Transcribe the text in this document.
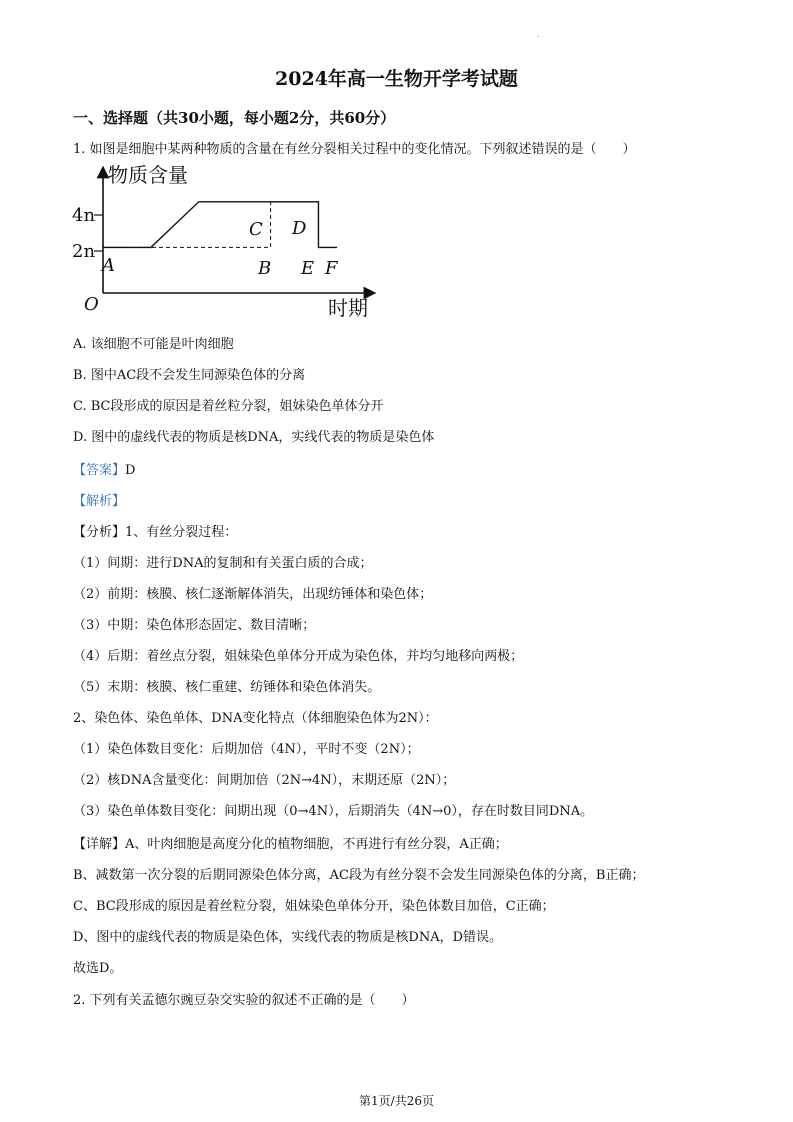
.
2024年高一生物开学考试题
一、选择题（共30小题，每小题2分，共60分）
1. 如图是细胞中某两种物质的含量在有丝分裂相关过程中的变化情况。下列叙述错误的是（　　）
物质含量
时期
O
4n
2n
A	B
C D
E F
A. 该细胞不可能是叶肉细胞
B. 图中AC段不会发生同源染色体的分离
C. BC段形成的原因是着丝粒分裂，姐妹染色单体分开
D. 图中的虚线代表的物质是核DNA，实线代表的物质是染色体
【答案】D
【解析】
【分析】1、有丝分裂过程：
（1）间期：进行DNA的复制和有关蛋白质的合成；
（2）前期：核膜、核仁逐渐解体消失，出现纺锤体和染色体；
（3）中期：染色体形态固定、数目清晰；
（4）后期：着丝点分裂，姐妹染色单体分开成为染色体，并均匀地移向两极；
（5）末期：核膜、核仁重建、纺锤体和染色体消失。
2、染色体、染色单体、DNA变化特点（体细胞染色体为2N）：
（1）染色体数目变化：后期加倍（4N），平时不变（2N）；
（2）核DNA含量变化：间期加倍（2N→4N），末期还原（2N）；
（3）染色单体数目变化：间期出现（0→4N），后期消失（4N→0），存在时数目同DNA。
【详解】A、叶肉细胞是高度分化的植物细胞，不再进行有丝分裂，A正确；
B、减数第一次分裂的后期同源染色体分离，AC段为有丝分裂不会发生同源染色体的分离，B正确；
C、BC段形成的原因是着丝粒分裂，姐妹染色单体分开，染色体数目加倍，C正确；
D、图中的虚线代表的物质是染色体，实线代表的物质是核DNA，D错误。
故选D。
2. 下列有关孟德尔豌豆杂交实验的叙述不正确的是（　　）
第1页/共26页
